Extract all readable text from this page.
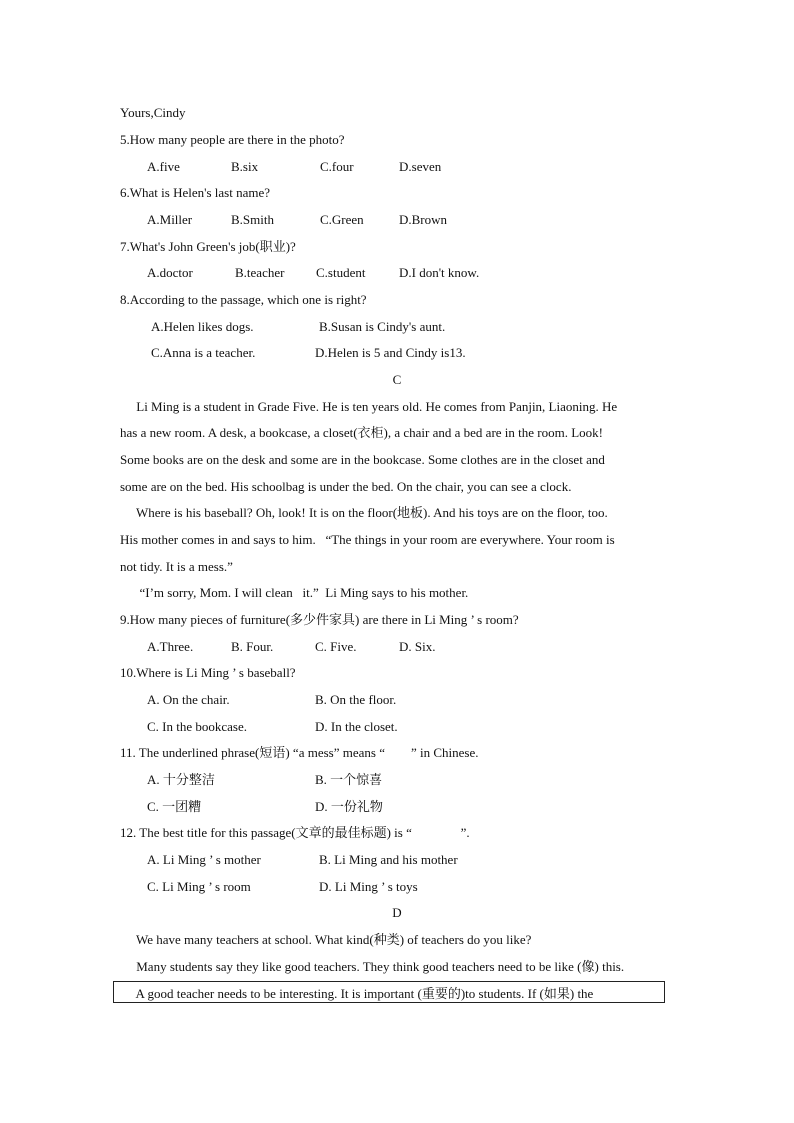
Yours,Cindy
5.How many people are there in the photo?
A.five	B.six	C.four	D.seven
6.What is Helen's last name?
A.Miller	B.Smith	C.Green	D.Brown
7.What's John Green's job(职业)?
A.doctor	B.teacher C.student	D.I don't know.
8.According to the passage, which one is right?
A.Helen likes dogs.	B.Susan is Cindy's aunt.
C.Anna is a teacher.	D.Helen is 5 and Cindy is13.
C
Li Ming is a student in Grade Five. He is ten years old. He comes from Panjin, Liaoning. He
has a new room. A desk, a bookcase, a closet(衣柜), a chair and a bed are in the room. Look!
Some books are on the desk and some are in the bookcase. Some clothes are in the closet and
some are on the bed. His schoolbag is under the bed. On the chair, you can see a clock.
Where is his baseball? Oh, look! It is on the floor(地板). And his toys are on the floor, too.
His mother comes in and says to him.   “The things in your room are everywhere. Your room is
not tidy. It is a mess.”
“I’m sorry, Mom. I will clean   it.”  Li Ming says to his mother.
9.How many pieces of furniture(多少件家具) are there in Li Ming ’ s room?
A.Three.	B. Four.	C. Five.	D. Six.
10.Where is Li Ming ’ s baseball?
A. On the chair.	B. On the floor.
C. In the bookcase.	D. In the closet.
11. The underlined phrase(短语) “a mess” means “        ” in Chinese.
A. 十分整洁	B. 一个惊喜
C. 一团糟	D. 一份礼物
12. The best title for this passage(文章的最佳标题) is “               ”.
A. Li Ming ’ s mother	B. Li Ming and his mother
C. Li Ming ’ s room	D. Li Ming ’ s toys
D
We have many teachers at school. What kind(种类) of teachers do you like?
Many students say they like good teachers. They think good teachers need to be like (像) this.
A good teacher needs to be interesting. It is important (重要的)to students. If (如果) the
